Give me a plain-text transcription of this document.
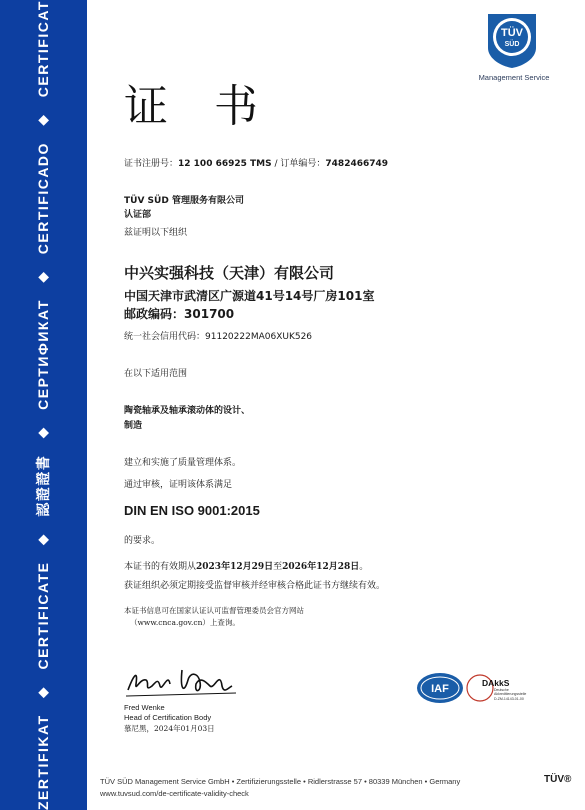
ZERTIFIKAT
◆
CERTIFICATE
◆
認證證書
◆
СЕРТИФИКАТ
◆
CERTIFICADO
◆
CERTIFICAT	TÜV
SÜD
Management Service
证书
证书注册号：12 100 66925 TMS / 订单编号：7482466749
TÜV SÜD 管理服务有限公司
认证部
兹证明以下组织
中兴实强科技（天津）有限公司
中国天津市武清区广源道41号14号厂房101室
邮政编码：301700
统一社会信用代码：91120222MA06XUK526
在以下适用范围
陶瓷轴承及轴承滚动体的设计、
制造
建立和实施了质量管理体系。
通过审核，证明该体系满足
DIN EN ISO 9001:2015
的要求。
本证书的有效期从2023年12月29日至2026年12月28日。
获证组织必须定期接受监督审核并经审核合格此证书方继续有效。
本证书信息可在国家认证认可监督管理委员会官方网站
（www.cnca.gov.cn）上查询。
Fred Wenke
Head of Certification Body
慕尼黑，2024年01月03日
IAF	DAkkS
Deutsche
Akkreditierungsstelle
D-ZM-14143-01-00
TÜV SÜD Management Service GmbH • Zertifizierungsstelle • Ridlerstrasse 57 • 80339 München • Germany
www.tuvsud.com/de-certificate-validity-check
TÜV®
